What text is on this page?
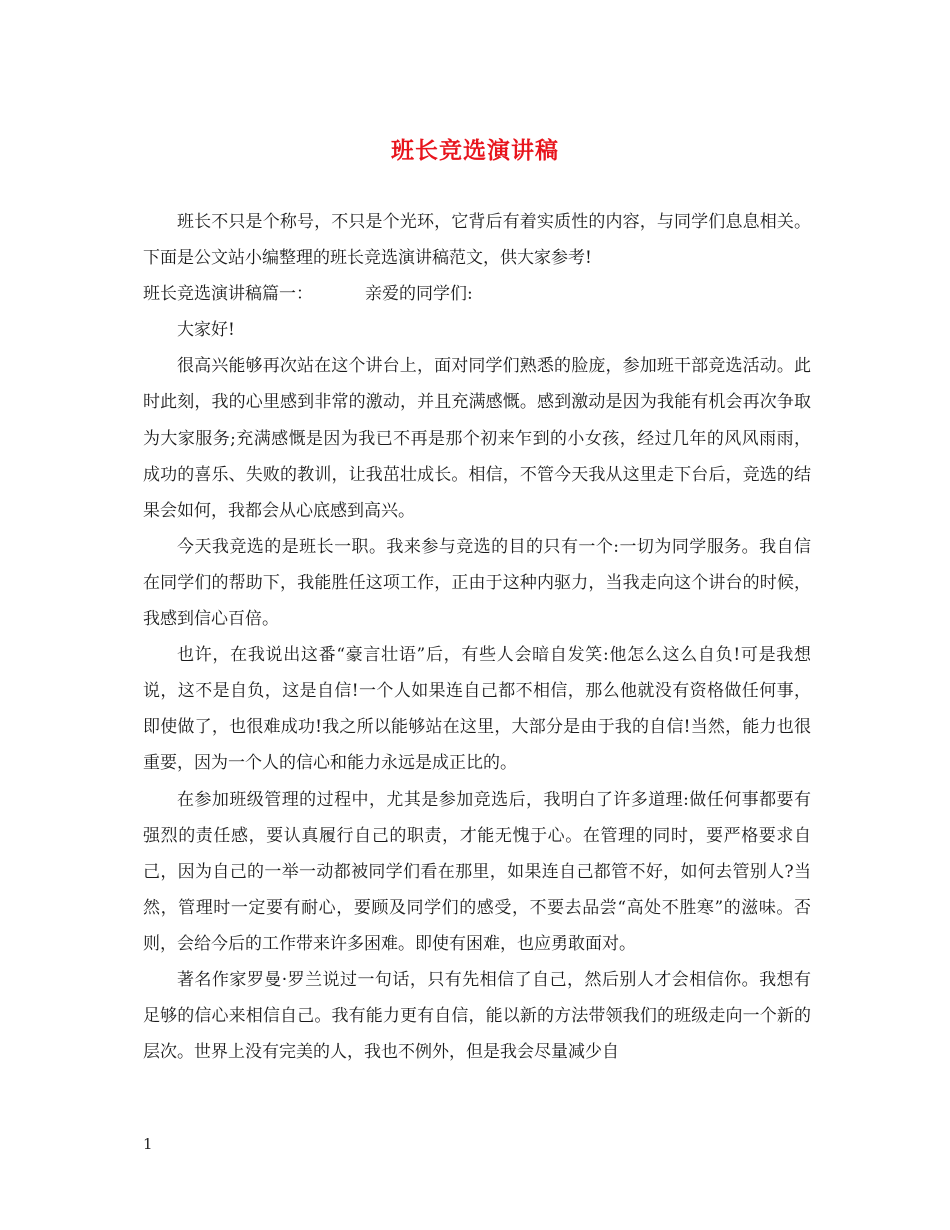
班长竞选演讲稿

班长不只是个称号，不只是个光环，它背后有着实质性的内容，与同学们息息相关。下面是公文站小编整理的班长竞选演讲稿范文，供大家参考!

班长竞选演讲稿篇一：	亲爱的同学们:

大家好!

很高兴能够再次站在这个讲台上，面对同学们熟悉的脸庞，参加班干部竞选活动。此时此刻，我的心里感到非常的激动，并且充满感慨。感到激动是因为我能有机会再次争取为大家服务;充满感慨是因为我已不再是那个初来乍到的小女孩，经过几年的风风雨雨，成功的喜乐、失败的教训，让我茁壮成长。相信，不管今天我从这里走下台后，竞选的结果会如何，我都会从心底感到高兴。

今天我竞选的是班长一职。我来参与竞选的目的只有一个:一切为同学服务。我自信在同学们的帮助下，我能胜任这项工作，正由于这种内驱力，当我走向这个讲台的时候，我感到信心百倍。

也许，在我说出这番“豪言壮语”后，有些人会暗自发笑:他怎么这么自负!可是我想说，这不是自负，这是自信!一个人如果连自己都不相信，那么他就没有资格做任何事，即使做了，也很难成功!我之所以能够站在这里，大部分是由于我的自信!当然，能力也很重要，因为一个人的信心和能力永远是成正比的。

在参加班级管理的过程中，尤其是参加竞选后，我明白了许多道理:做任何事都要有强烈的责任感，要认真履行自己的职责，才能无愧于心。在管理的同时，要严格要求自己，因为自己的一举一动都被同学们看在那里，如果连自己都管不好，如何去管别人?当然，管理时一定要有耐心，要顾及同学们的感受，不要去品尝“高处不胜寒”的滋味。否则，会给今后的工作带来许多困难。即使有困难，也应勇敢面对。

著名作家罗曼·罗兰说过一句话，只有先相信了自己，然后别人才会相信你。我想有足够的信心来相信自己。我有能力更有自信，能以新的方法带领我们的班级走向一个新的层次。世界上没有完美的人，我也不例外，但是我会尽量减少自

1
